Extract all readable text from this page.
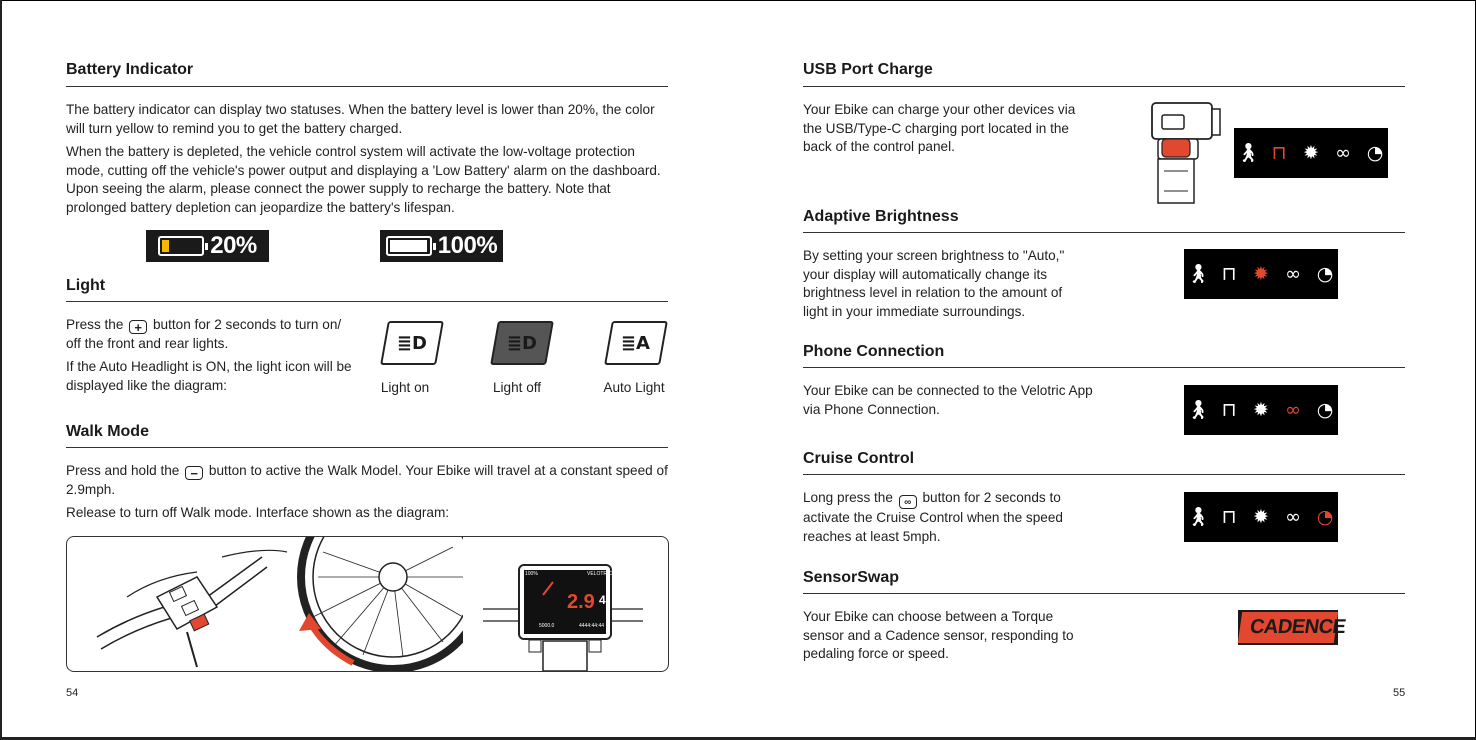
Battery Indicator

The battery indicator can display two statuses. When the battery level is lower than 20%, the color will turn yellow to remind you to get the battery charged.

When the battery is depleted, the vehicle control system will activate the low-voltage protection mode, cutting off the vehicle's power output and displaying a 'Low Battery' alarm on the dashboard. Upon seeing the alarm, please connect the power supply to recharge the battery. Note that prolonged battery depletion can jeopardize the battery's lifespan.

20%	100%
Light

Press the + button for 2 seconds to turn on/ off the front and rear lights.

If the Auto Headlight is ON, the light icon will be displayed like the diagram:

≣D
Light on
≣D
Light off
≣A
Auto Light
Walk Mode

Press and hold the − button to active the Walk Model. Your Ebike will travel at a constant speed of 2.9mph.

Release to turn off Walk mode. Interface shown as the diagram:

100%	VELOTRIC
2.9 4
5000.0	4444:44:44
54
USB Port Charge
Your Ebike can charge your other devices via the USB/Type-C charging port located in the back of the control panel.	🚶︎ ⊓ ✹ ∞ ◔
Adaptive Brightness
By setting your screen brightness to "Auto," your display will automatically change its brightness level in relation to the amount of light in your immediate surroundings.
🚶︎ ⊓ ✹ ∞ ◔
Phone Connection
Your Ebike can be connected to the Velotric App via Phone Connection.	🚶︎ ⊓ ✹ ∞ ◔
Cruise Control
Long press the ∞ button for 2 seconds to activate the Cruise Control when the speed reaches at least 5mph.
🚶︎ ⊓ ✹ ∞ ◔
SensorSwap
Your Ebike can choose between a Torque sensor and a Cadence sensor, responding to pedaling force or speed.
CADENCE
55
